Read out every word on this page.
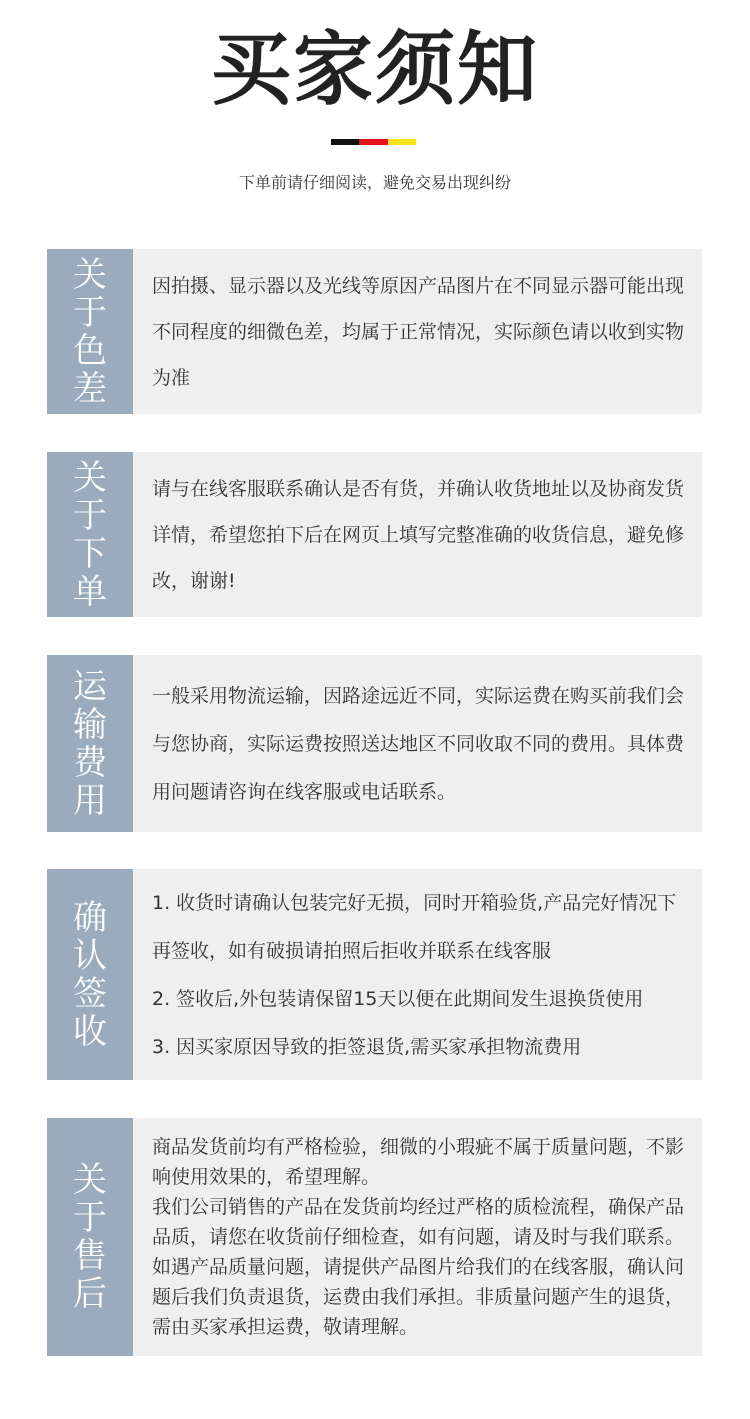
买家须知
下单前请仔细阅读，避免交易出现纠纷
关于色差

因拍摄、显示器以及光线等原因产品图片在不同显示器可能出现不同程度的细微色差，均属于正常情况，实际颜色请以收到实物为准

关于下单

请与在线客服联系确认是否有货，并确认收货地址以及协商发货详情，希望您拍下后在网页上填写完整准确的收货信息，避免修改，谢谢!

运输费用

一般采用物流运输，因路途远近不同，实际运费在购买前我们会与您协商，实际运费按照送达地区不同收取不同的费用。具体费用问题请咨询在线客服或电话联系。

确认签收

1. 收货时请确认包装完好无损，同时开箱验货,产品完好情况下再签收，如有破损请拍照后拒收并联系在线客服

2. 签收后,外包装请保留15天以便在此期间发生退换货使用

3. 因买家原因导致的拒签退货,需买家承担物流费用

关于售后

商品发货前均有严格检验，细微的小瑕疵不属于质量问题，不影响使用效果的，希望理解。

我们公司销售的产品在发货前均经过严格的质检流程，确保产品品质，请您在收货前仔细检查，如有问题，请及时与我们联系。如遇产品质量问题，请提供产品图片给我们的在线客服，确认问题后我们负责退货，运费由我们承担。非质量问题产生的退货，需由买家承担运费，敬请理解。
